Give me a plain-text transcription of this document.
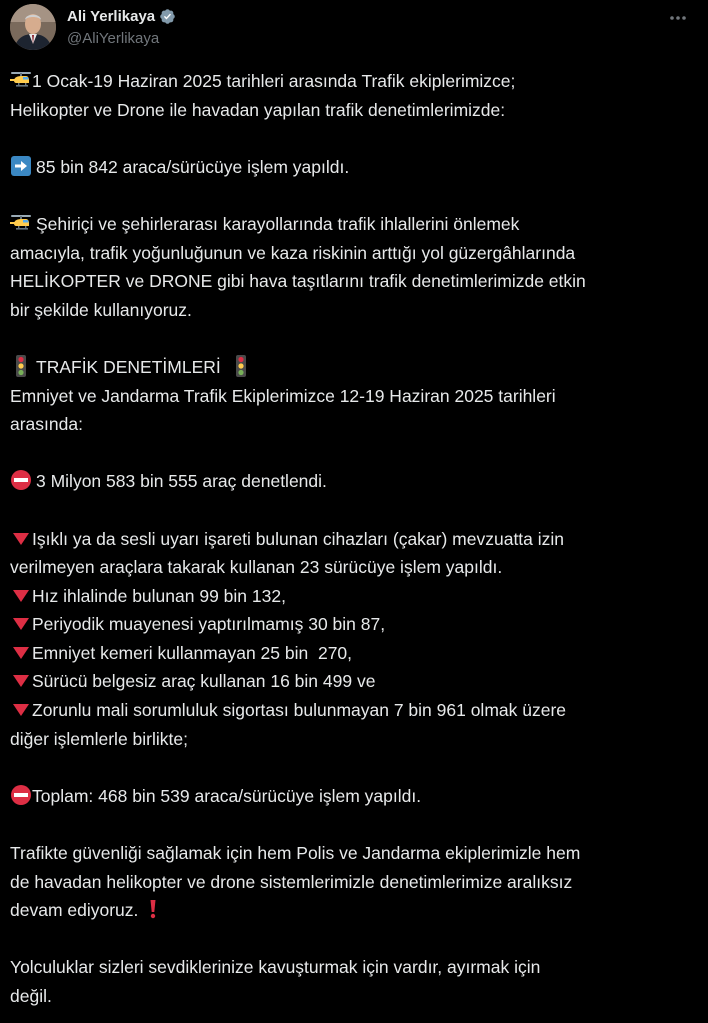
Ali Yerlikaya
@AliYerlikaya
1 Ocak-19 Haziran 2025 tarihleri arasında Trafik ekiplerimizce;
Helikopter ve Drone ile havadan yapılan trafik denetimlerimizde:
85 bin 842 araca/sürücüye işlem yapıldı.
Şehiriçi ve şehirlerarası karayollarında trafik ihlallerini önlemek
amacıyla, trafik yoğunluğunun ve kaza riskinin arttığı yol güzergâhlarında
HELİKOPTER ve DRONE gibi hava taşıtlarını trafik denetimlerimizde etkin
bir şekilde kullanıyoruz.
TRAFİK DENETİMLERİ
Emniyet ve Jandarma Trafik Ekiplerimizce 12-19 Haziran 2025 tarihleri
arasında:
3 Milyon 583 bin 555 araç denetlendi.
Işıklı ya da sesli uyarı işareti bulunan cihazları (çakar) mevzuatta izin
verilmeyen araçlara takarak kullanan 23 sürücüye işlem yapıldı.
Hız ihlalinde bulunan 99 bin 132,
Periyodik muayenesi yaptırılmamış 30 bin 87,
Emniyet kemeri kullanmayan 25 bin  270,
Sürücü belgesiz araç kullanan 16 bin 499 ve
Zorunlu mali sorumluluk sigortası bulunmayan 7 bin 961 olmak üzere
diğer işlemlerle birlikte;
Toplam: 468 bin 539 araca/sürücüye işlem yapıldı.
Trafikte güvenliği sağlamak için hem Polis ve Jandarma ekiplerimizle hem
de havadan helikopter ve drone sistemlerimizle denetimlerimize aralıksız
devam ediyoruz.
Yolculuklar sizleri sevdiklerinize kavuşturmak için vardır, ayırmak için
değil.
